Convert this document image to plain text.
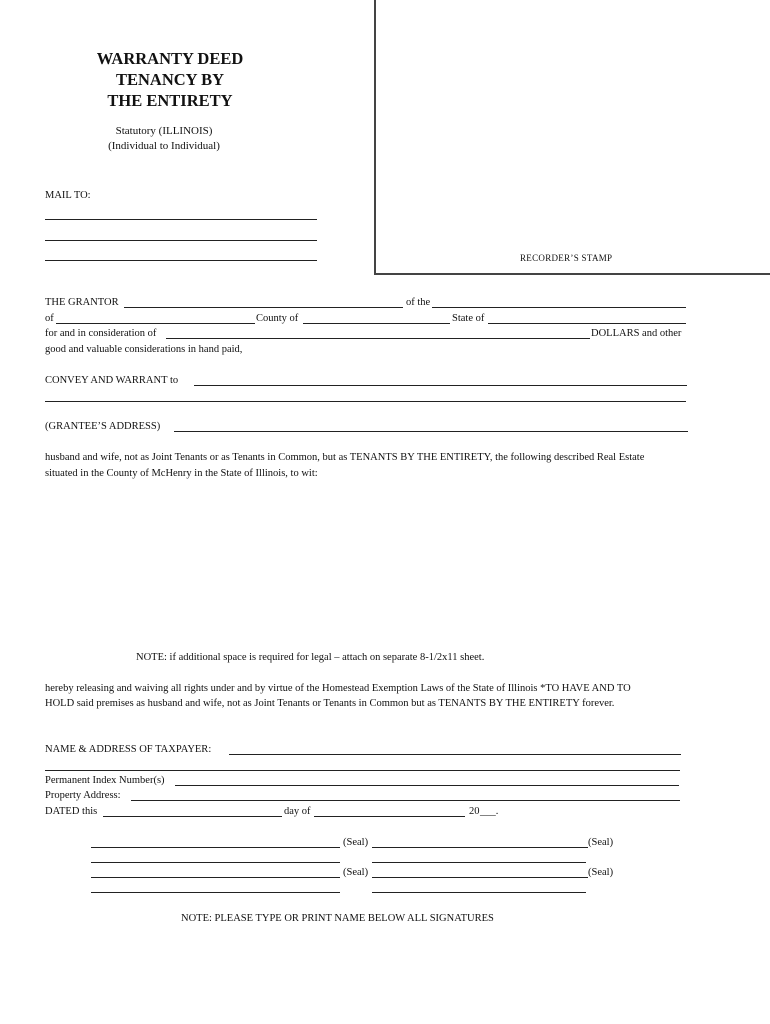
WARRANTY DEED
TENANCY BY
THE ENTIRETY
Statutory (ILLINOIS)
(Individual to Individual)
MAIL TO:
RECORDER’S STAMP
THE GRANTOR	of the
of	County of	State of
for and in consideration of	DOLLARS and other
good and valuable considerations in hand paid,
CONVEY AND WARRANT to
(GRANTEE’S ADDRESS)
husband and wife, not as Joint Tenants or as Tenants in Common, but as TENANTS BY THE ENTIRETY, the following described Real Estate
situated in the County of McHenry in the State of Illinois, to wit:
NOTE: if additional space is required for legal – attach on separate 8-1/2x11 sheet.
hereby releasing and waiving all rights under and by virtue of the Homestead Exemption Laws of the State of Illinois *TO HAVE AND TO
HOLD said premises as husband and wife, not as Joint Tenants or Tenants in Common but as TENANTS BY THE ENTIRETY forever.
NAME & ADDRESS OF TAXPAYER:
Permanent Index Number(s)
Property Address:
DATED this	day of	20 ___.
(Seal)	(Seal)
(Seal)	(Seal)
NOTE: PLEASE TYPE OR PRINT NAME BELOW ALL SIGNATURES
